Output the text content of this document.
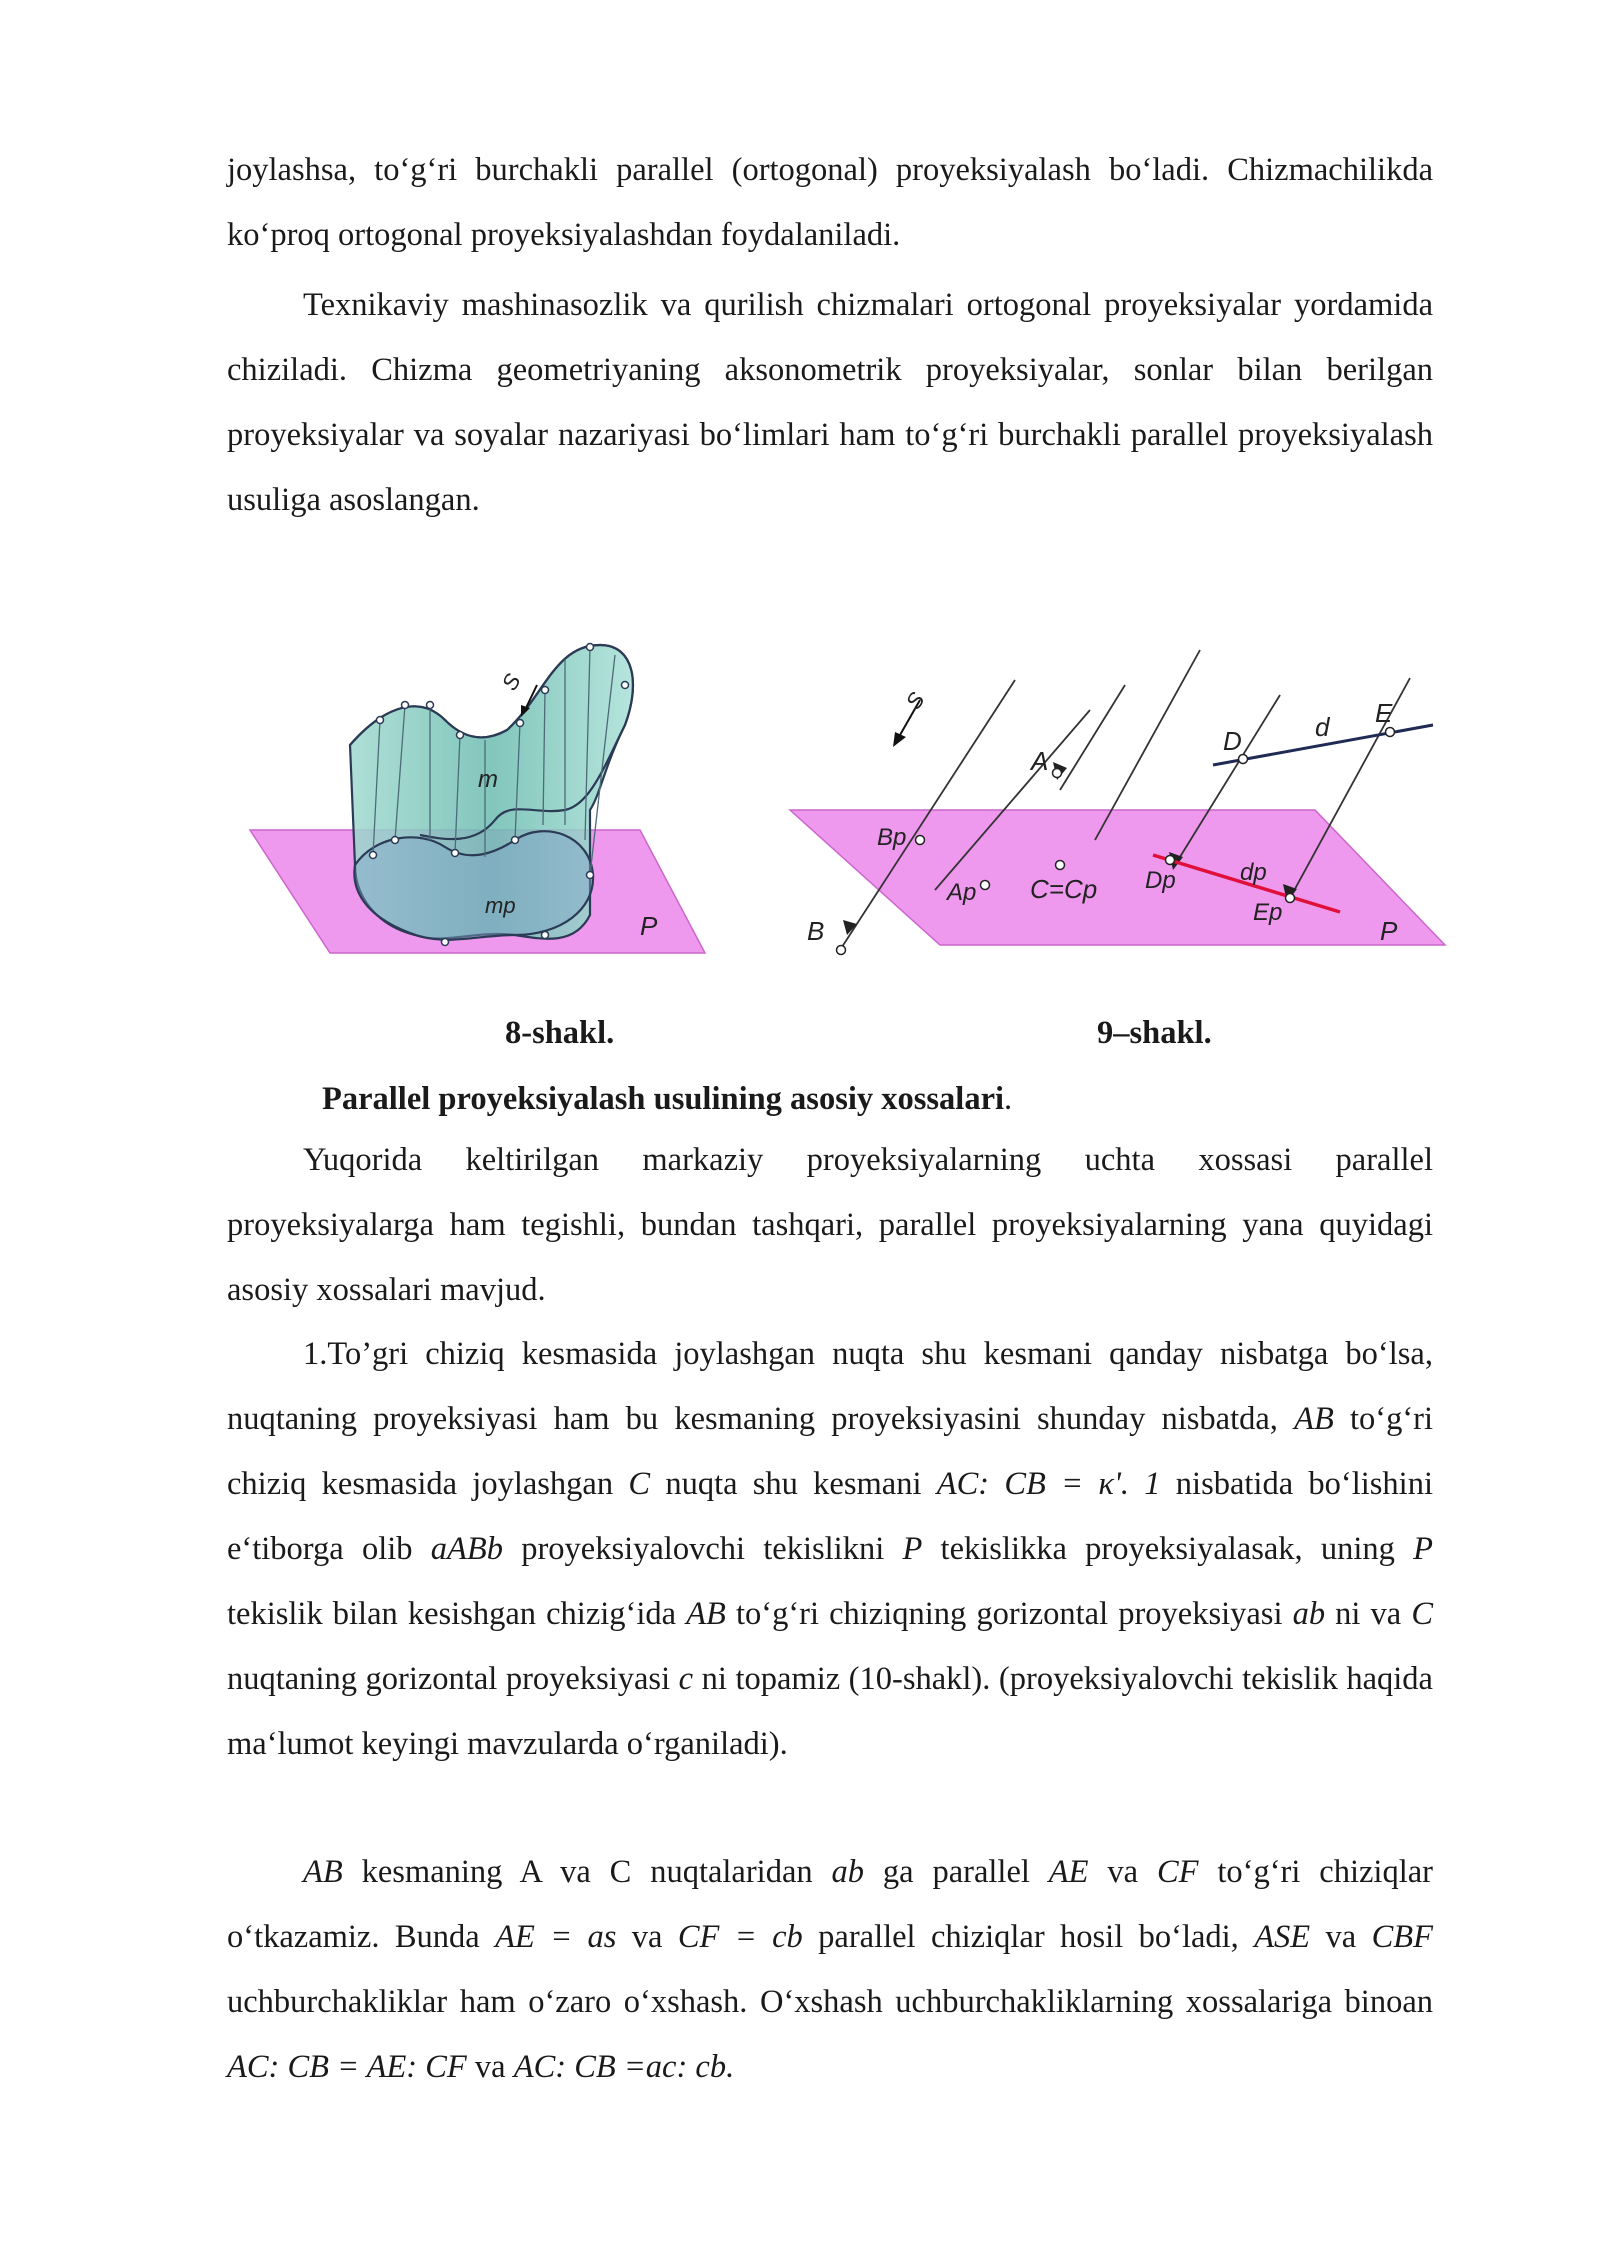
joylashsa, to‘g‘ri burchakli parallel (ortogonal) proyeksiyalash bo‘ladi. Chizmachilikda ko‘proq ortogonal proyeksiyalashdan foydalaniladi.

Texnikaviy mashinasozlik va qurilish chizmalari ortogonal proyeksiyalar yordamida chiziladi. Chizma geometriyaning aksonometrik proyeksiyalar, sonlar bilan berilgan proyeksiyalar va soyalar nazariyasi bo‘limlari ham to‘g‘ri burchakli parallel proyeksiyalash usuliga asoslangan.

S
m
mp
P
S
A
B
Bp
Ap C=Cp
D	d E
Dp	dp
Ep
P
8-shakl.	9–shakl.
Parallel proyeksiyalash usulining asosiy xossalari.

Yuqorida keltirilgan markaziy proyeksiyalarning uchta xossasi parallel proyeksiyalarga ham tegishli, bundan tashqari, parallel proyeksiyalarning yana quyidagi asosiy xossalari mavjud.

1.To’gri chiziq kesmasida joylashgan nuqta shu kesmani qanday nisbatga bo‘lsa, nuqtaning proyeksiyasi ham bu kesmaning proyeksiyasini shunday nisbatda, AB to‘g‘ri chiziq kesmasida joylashgan C nuqta shu kesmani AC: CB = κ'. 1 nisbatida bo‘lishini e‘tiborga olib aABb proyeksiyalovchi tekislikni P tekislikka proyeksiyalasak, uning P tekislik bilan kesishgan chizig‘ida AB to‘g‘ri chiziqning gorizontal proyeksiyasi ab ni va C nuqtaning gorizontal proyeksiyasi c ni topamiz (10-shakl). (proyeksiyalovchi tekislik haqida ma‘lumot keyingi mavzularda o‘rganiladi).

AB kesmaning A va C nuqtalaridan ab ga parallel AE va CF to‘g‘ri chiziqlar o‘tkazamiz. Bunda AE = as va CF = cb parallel chiziqlar hosil bo‘ladi, ASE va CBF uchburchakliklar ham o‘zaro o‘xshash. O‘xshash uchburchakliklarning xossalariga binoan AC: CB = AE: CF va AC: CB =ac: cb.
